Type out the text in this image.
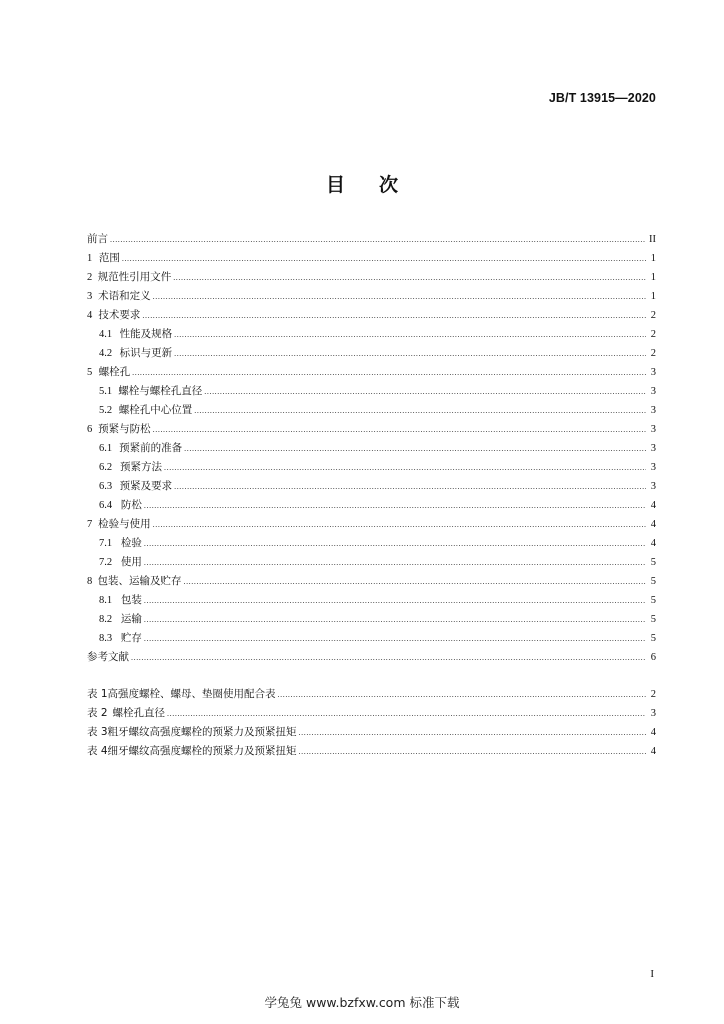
JB/T 13915—2020
目次
前言 .....	II
1 范围 .....	1
2 规范性引用文件 .....	1
3 术语和定义 .....	1
4 技术要求 .....	2
4.1 性能及规格 .....	2
4.2 标识与更新 .....	2
5 螺栓孔 .....	3
5.1 螺栓与螺栓孔直径 .....	3
5.2 螺栓孔中心位置 .....	3
6 预紧与防松 .....	3
6.1 预紧前的准备 .....	3
6.2 预紧方法 .....	3
6.3 预紧及要求 .....	3
6.4 防松 .....	4
7 检验与使用 .....	4
7.1 检验 .....	4
7.2 使用 .....	5
8 包装、运输及贮存 .....	5
8.1 包装 .....	5
8.2 运输 .....	5
8.3 贮存 .....	5
参考文献 .....	6
表 1 高强度螺栓、螺母、垫圈使用配合表 .....	2
表 2 螺栓孔直径 .....	3
表 3 粗牙螺纹高强度螺栓的预紧力及预紧扭矩 .....	4
表 4 细牙螺纹高强度螺栓的预紧力及预紧扭矩 .....	4
I
学兔兔 www.bzfxw.com 标准下载
